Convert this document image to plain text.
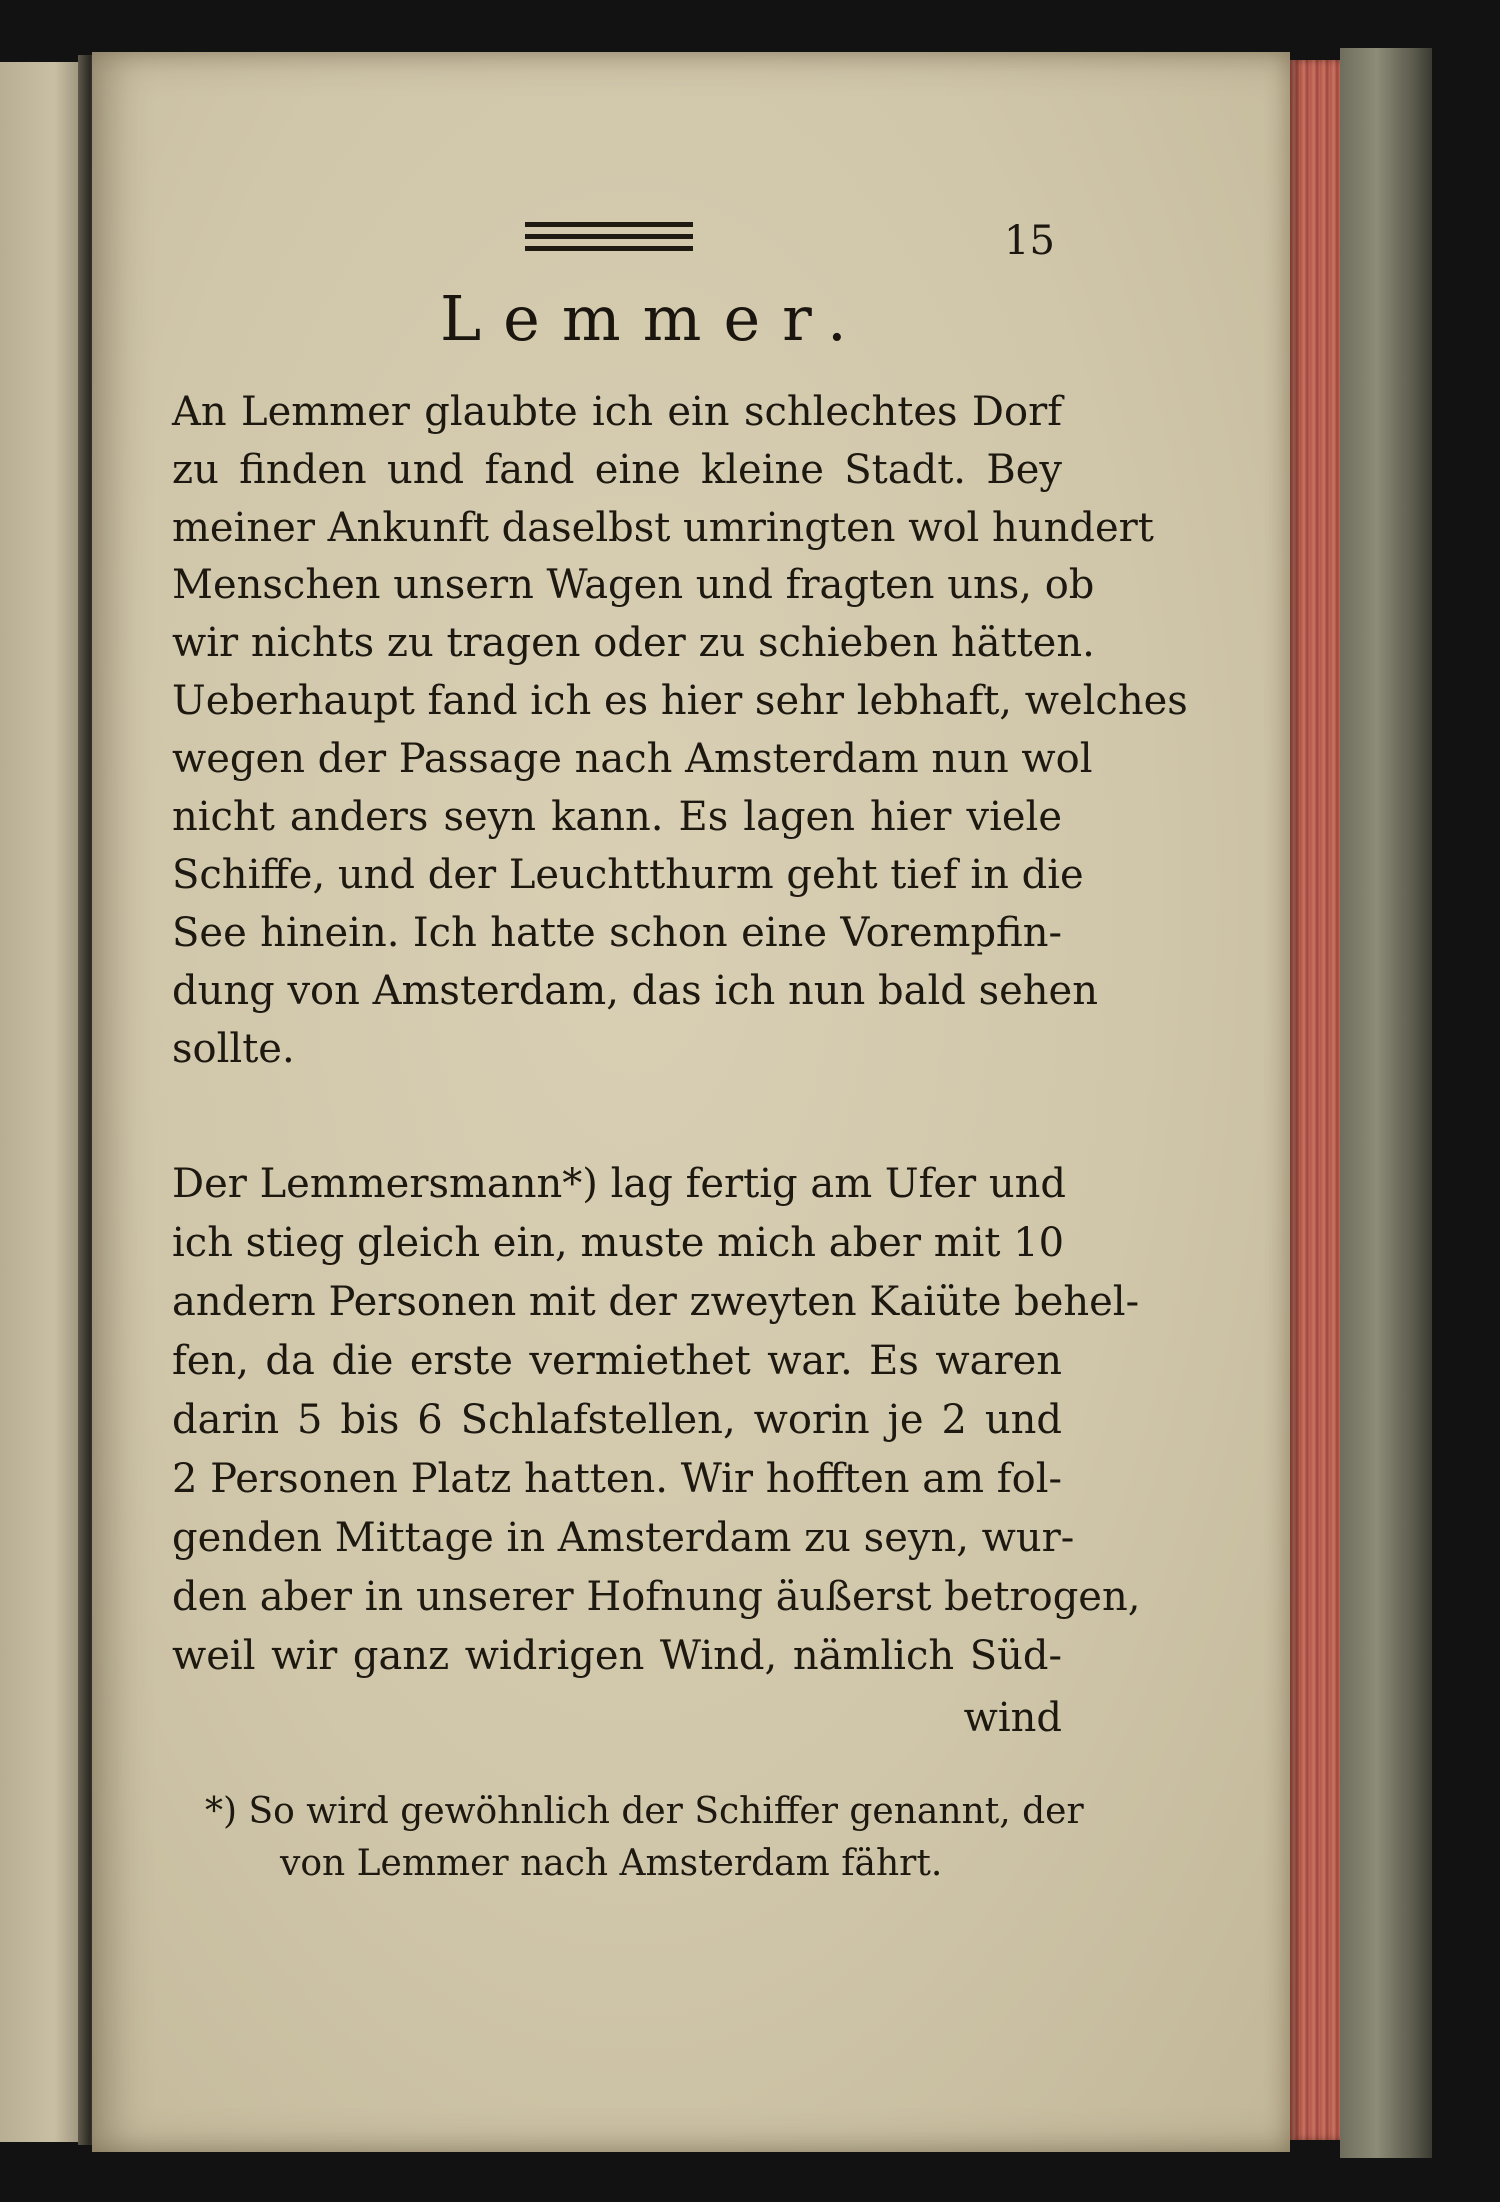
15
Lemmer.
An Lemmer glaubte ich ein schlechtes Dorf
zu finden und fand eine kleine Stadt. Bey
meiner Ankunft daselbst umringten wol hundert
Menschen unsern Wagen und fragten uns, ob
wir nichts zu tragen oder zu schieben hätten.
Ueberhaupt fand ich es hier sehr lebhaft, welches
wegen der Passage nach Amsterdam nun wol
nicht anders seyn kann. Es lagen hier viele
Schiffe, und der Leuchtthurm geht tief in die
See hinein. Ich hatte schon eine Vorempfin-
dung von Amsterdam, das ich nun bald sehen
sollte.
Der Lemmersmann*) lag fertig am Ufer und
ich stieg gleich ein, muste mich aber mit 10
andern Personen mit der zweyten Kaiüte behel-
fen, da die erste vermiethet war. Es waren
darin 5 bis 6 Schlafstellen, worin je 2 und
2 Personen Platz hatten. Wir hofften am fol-
genden Mittage in Amsterdam zu seyn, wur-
den aber in unserer Hofnung äußerst betrogen,
weil wir ganz widrigen Wind, nämlich Süd-
wind
*) So wird gewöhnlich der Schiffer genannt, der
von Lemmer nach Amsterdam fährt.
